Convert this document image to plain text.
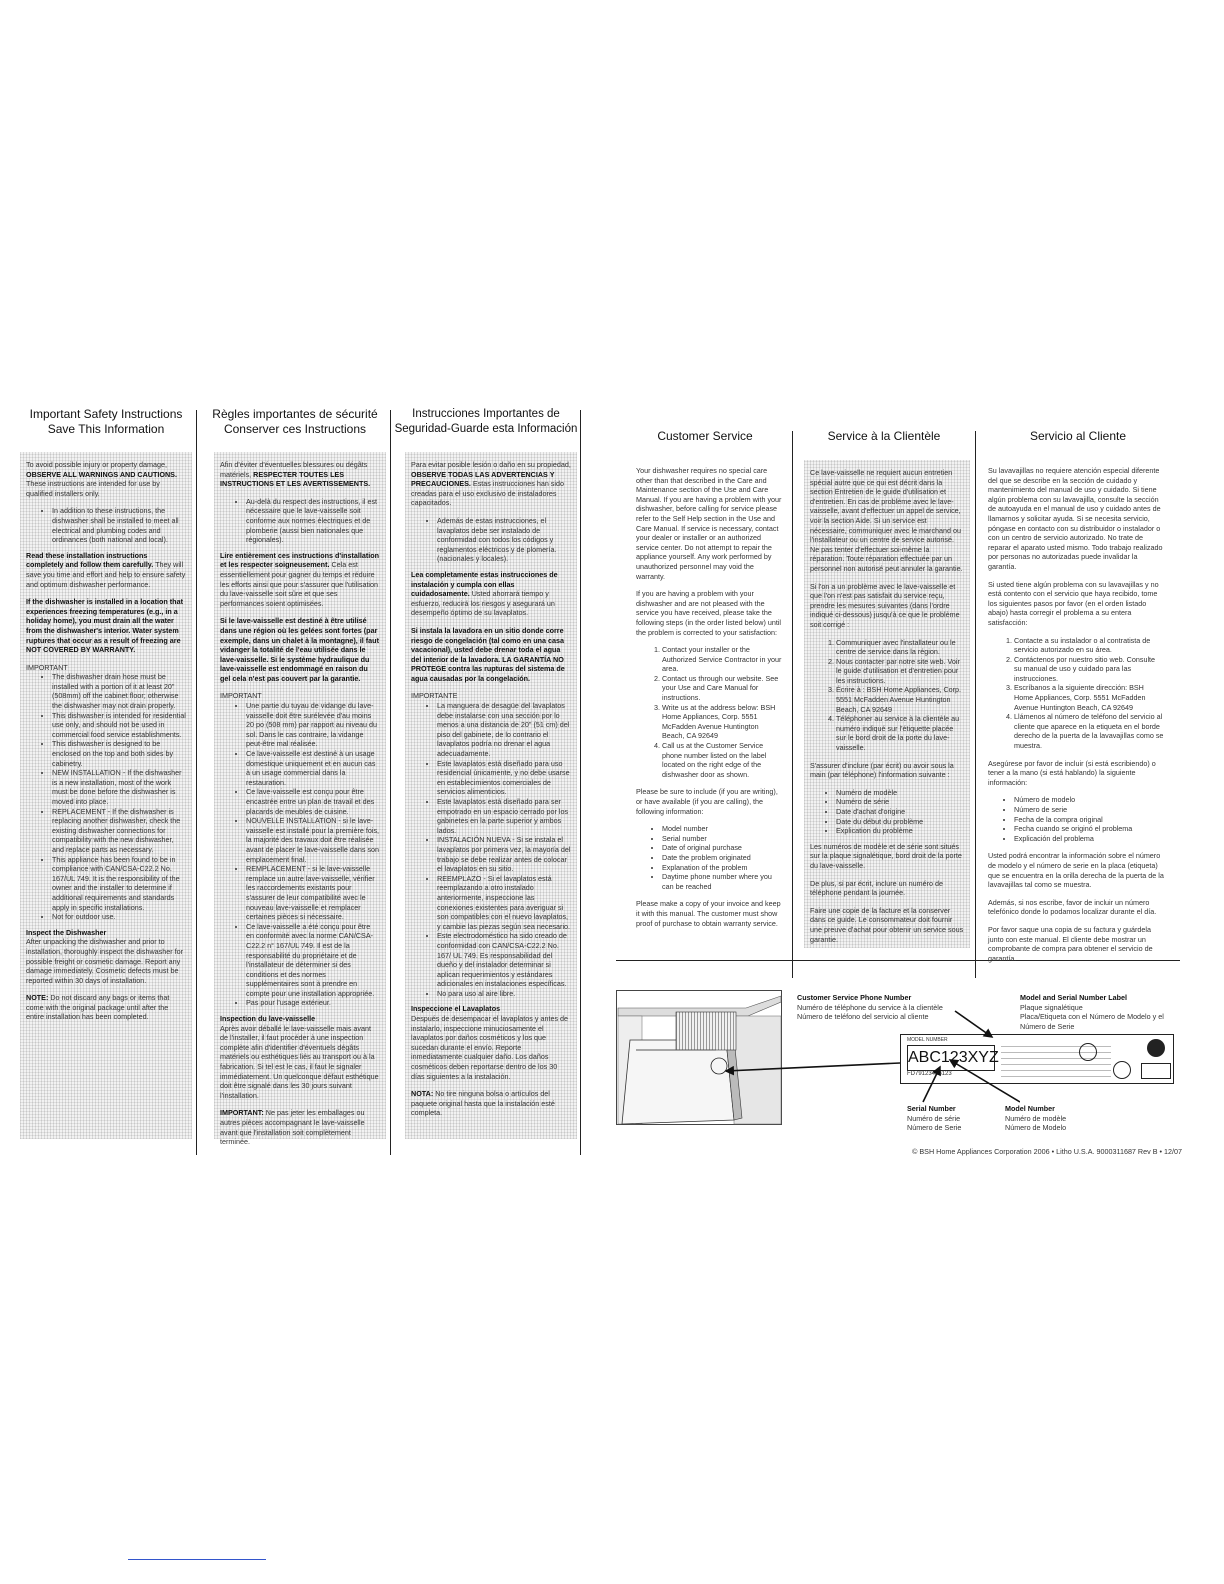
Important Safety Instructions
Save This Information
Règles importantes de sécurité
Conserver ces Instructions
Instrucciones Importantes de
Seguridad-Guarde esta Información

To avoid possible injury or property damage, OBSERVE ALL WARNINGS AND CAUTIONS. These instructions are intended for use by qualified installers only.

• In addition to these instructions, the dishwasher shall be installed to meet all electrical and plumbing codes and ordinances (both national and local).

Read these installation instructions completely and follow them carefully. They will save you time and effort and help to ensure safety and optimum dishwasher performance.

If the dishwasher is installed in a location that experiences freezing temperatures (e.g., in a holiday home), you must drain all the water from the dishwasher's interior. Water system ruptures that occur as a result of freezing are NOT COVERED BY WARRANTY.

IMPORTANT
• The dishwasher drain hose must be installed with a portion of it at least 20" (508mm) off the cabinet floor; otherwise the dishwasher may not drain properly.
• This dishwasher is intended for residential use only, and should not be used in commercial food service establishments.
• This dishwasher is designed to be enclosed on the top and both sides by cabinetry.
• NEW INSTALLATION - If the dishwasher is a new installation, most of the work must be done before the dishwasher is moved into place.
• REPLACEMENT - If the dishwasher is replacing another dishwasher, check the existing dishwasher connections for compatibility with the new dishwasher, and replace parts as necessary.
• This appliance has been found to be in compliance with CAN/CSA-C22.2 No. 167/UL 749. It is the responsibility of the owner and the installer to determine if additional requirements and standards apply in specific installations.
• Not for outdoor use.
Inspect the Dishwasher

After unpacking the dishwasher and prior to installation, thoroughly inspect the dishwasher for possible freight or cosmetic damage. Report any damage immediately. Cosmetic defects must be reported within 30 days of installation.

NOTE: Do not discard any bags or items that come with the original package until after the entire installation has been completed.

Afin d'éviter d'éventuelles blessures ou dégâts matériels, RESPECTER TOUTES LES INSTRUCTIONS ET LES AVERTISSEMENTS.

• Au-delà du respect des instructions, il est nécessaire que le lave-vaisselle soit conforme aux normes électriques et de plomberie (aussi bien nationales que régionales).

Lire entièrement ces instructions d'installation et les respecter soigneusement. Cela est essentiellement pour gagner du temps et réduire les efforts ainsi que pour s'assurer que l'utilisation du lave-vaisselle soit sûre et que ses performances soient optimisées.

Si le lave-vaisselle est destiné à être utilisé dans une région où les gelées sont fortes (par exemple, dans un chalet à la montagne), il faut vidanger la totalité de l'eau utilisée dans le lave-vaisselle. Si le système hydraulique du lave-vaisselle est endommagé en raison du gel cela n'est pas couvert par la garantie.

IMPORTANT
• Une partie du tuyau de vidange du lave-vaisselle doit être surélevée d'au moins 20 po (508 mm) par rapport au niveau du sol. Dans le cas contraire, la vidange peut-être mal réalisée.
• Ce lave-vaisselle est destiné à un usage domestique uniquement et en aucun cas à un usage commercial dans la restauration.
• Ce lave-vaisselle est conçu pour être encastrée entre un plan de travail et des placards de meubles de cuisine.
• NOUVELLE INSTALLATION - si le lave-vaisselle est installé pour la première fois, la majorité des travaux doit être réalisée avant de placer le lave-vaisselle dans son emplacement final.
• REMPLACEMENT - si le lave-vaisselle remplace un autre lave-vaisselle, vérifier les raccordements existants pour s'assurer de leur compatibilité avec le nouveau lave-vaisselle et remplacer certaines pièces si nécessaire.
• Ce lave-vaisselle a été conçu pour être en conformité avec la norme CAN/CSA-C22.2 n° 167/UL 749. Il est de la responsabilité du propriétaire et de l'installateur de déterminer si des conditions et des normes supplémentaires sont à prendre en compte pour une installation appropriée.
• Pas pour l'usage extérieur.
Inspection du lave-vaisselle

Après avoir déballé le lave-vaisselle mais avant de l'installer, il faut procéder à une inspection complète afin d'identifier d'éventuels dégâts matériels ou esthétiques liés au transport ou à la fabrication. Si tel est le cas, il faut le signaler immédiatement. Un quelconque défaut esthétique doit être signalé dans les 30 jours suivant l'installation.

IMPORTANT: Ne pas jeter les emballages ou autres pièces accompagnant le lave-vaisselle avant que l'installation soit complètement terminée.

Para evitar posible lesión o daño en su propiedad, OBSERVE TODAS LAS ADVERTENCIAS Y PRECAUCIONES. Estas instrucciones han sido creadas para el uso exclusivo de instaladores capacitados.

• Además de estas instrucciones, el lavaplatos debe ser instalado de conformidad con todos los códigos y reglamentos eléctricos y de plomería. (nacionales y locales).

Lea completamente estas instrucciones de instalación y cumpla con ellas cuidadosamente. Usted ahorrará tiempo y esfuerzo, reducirá los riesgos y asegurará un desempeño óptimo de su lavaplatos.

Si instala la lavadora en un sitio donde corre riesgo de congelación (tal como en una casa vacacional), usted debe drenar toda el agua del interior de la lavadora. LA GARANTÍA NO PROTEGE contra las rupturas del sistema de agua causadas por la congelación.

IMPORTANTE
• La manguera de desagüe del lavaplatos debe instalarse con una sección por lo menos a una distancia de 20" (51 cm) del piso del gabinete, de lo contrario el lavaplatos podría no drenar el agua adecuadamente.
• Este lavaplatos está diseñado para uso residencial únicamente, y no debe usarse en establecimientos comerciales de servicios alimenticios.
• Este lavaplatos está diseñado para ser empotrado en un espacio cerrado por los gabinetes en la parte superior y ambos lados.
• INSTALACIÓN NUEVA - Si se instala el lavaplatos por primera vez, la mayoría del trabajo se debe realizar antes de colocar el lavaplatos en su sitio.
• REEMPLAZO - Si el lavaplatos está reemplazando a otro instalado anteriormente, inspeccione las conexiones existentes para averiguar si son compatibles con el nuevo lavaplatos, y cambie las piezas según sea necesario.
• Este electrodoméstico ha sido creado de conformidad con CAN/CSA-C22.2 No. 167/ UL 749. Es responsabilidad del dueño y del instalador determinar si aplican requerimientos y estándares adicionales en instalaciones específicas.
• No para uso al aire libre.
Inspeccione el Lavaplatos

Después de desempacar el lavaplatos y antes de instalarlo, inspeccione minuciosamente el lavaplatos por daños cosméticos y los que sucedan durante el envío. Reporte inmediatamente cualquier daño. Los daños cosméticos deben reportarse dentro de los 30 días siguientes a la instalación.

NOTA: No tire ninguna bolsa o artículos del paquete original hasta que la instalación esté completa.

Customer Service	Service à la Clientèle	Servicio al Cliente

Your dishwasher requires no special care other than that described in the Care and Maintenance section of the Use and Care Manual. If you are having a problem with your dishwasher, before calling for service please refer to the Self Help section in the Use and Care Manual. If service is necessary, contact your dealer or installer or an authorized service center. Do not attempt to repair the appliance yourself. Any work performed by unauthorized personnel may void the warranty.

If you are having a problem with your dishwasher and are not pleased with the service you have received, please take the following steps (in the order listed below) until the problem is corrected to your satisfaction:

1. Contact your installer or the Authorized Service Contractor in your area.
2. Contact us through our website. See your Use and Care Manual for instructions.
3. Write us at the address below: BSH Home Appliances, Corp. 5551 McFadden Avenue Huntington Beach, CA 92649
4. Call us at the Customer Service phone number listed on the label located on the right edge of the dishwasher door as shown.

Please be sure to include (if you are writing), or have available (if you are calling), the following information:

• Model number
• Serial number
• Date of original purchase
• Date the problem originated
• Explanation of the problem
• Daytime phone number where you can be reached

Please make a copy of your invoice and keep it with this manual. The customer must show proof of purchase to obtain warranty service.

Ce lave-vaisselle ne requiert aucun entretien spécial autre que ce qui est décrit dans la section Entretien de le guide d'utilisation et d'entretien. En cas de problème avec le lave-vaisselle, avant d'effectuer un appel de service, voir la section Aide. Si un service est nécessaire, communiquer avec le marchand ou l'installateur ou un centre de service autorisé. Ne pas tenter d'effectuer soi-même la réparation. Toute réparation effectuée par un personnel non autorisé peut annuler la garantie.

Si l'on a un problème avec le lave-vaisselle et que l'on n'est pas satisfait du service reçu, prendre les mesures suivantes (dans l'ordre indiqué ci-dessous) jusqu'à ce que le problème soit corrigé :

1. Communiquer avec l'installateur ou le centre de service dans la région.
2. Nous contacter par notre site web. Voir le guide d'utilisation et d'entretien pour les instructions.
3. Écrire à : BSH Home Appliances, Corp. 5551 McFadden Avenue Huntington Beach, CA 92649
4. Téléphoner au service à la clientèle au numéro indiqué sur l'étiquette placée sur le bord droit de la porte du lave-vaisselle.

S'assurer d'inclure (par écrit) ou avoir sous la main (par téléphone) l'information suivante :

• Numéro de modèle
• Numéro de série
• Date d'achat d'origine
• Date du début du problème
• Explication du problème

Les numéros de modèle et de série sont situés sur la plaque signalétique, bord droit de la porte du lave-vaisselle.

De plus, si par écrit, inclure un numéro de téléphone pendant la journée.

Faire une copie de la facture et la conserver dans ce guide. Le consommateur doit fournir une preuve d'achat pour obtenir un service sous garantie.

Su lavavajillas no requiere atención especial diferente del que se describe en la sección de cuidado y mantenimiento del manual de uso y cuidado. Si tiene algún problema con su lavavajilla, consulte la sección de autoayuda en el manual de uso y cuidado antes de llamarnos y solicitar ayuda. Si se necesita servicio, póngase en contacto con su distribuidor o instalador o con un centro de servicio autorizado. No trate de reparar el aparato usted mismo. Todo trabajo realizado por personas no autorizadas puede invalidar la garantía.

Si usted tiene algún problema con su lavavajillas y no está contento con el servicio que haya recibido, tome los siguientes pasos por favor (en el orden listado abajo) hasta corregir el problema a su entera satisfacción:

1. Contacte a su instalador o al contratista de servicio autorizado en su área.
2. Contáctenos por nuestro sitio web. Consulte su manual de uso y cuidado para las instrucciones.
3. Escríbanos a la siguiente dirección: BSH Home Appliances, Corp. 5551 McFadden Avenue Huntington Beach, CA 92649
4. Llámenos al número de teléfono del servicio al cliente que aparece en la etiqueta en el borde derecho de la puerta de la lavavajillas como se muestra.

Asegúrese por favor de incluir (si está escribiendo) o tener a la mano (si está hablando) la siguiente información:

• Número de modelo
• Número de serie
• Fecha de la compra original
• Fecha cuando se originó el problema
• Explicación del problema

Usted podrá encontrar la información sobre el número de modelo y el número de serie en la placa (etiqueta) que se encuentra en la orilla derecha de la puerta de la lavavajillas tal como se muestra.

Además, si nos escribe, favor de incluir un número telefónico donde lo podamos localizar durante el día.

Por favor saque una copia de su factura y guárdela junto con este manual. El cliente debe mostrar un comprobante de compra para obtener el servicio de garantía.

Customer Service Phone Number
Numéro de téléphone du service à la clientèle
Número de teléfono del servicio al cliente
Model and Serial Number Label
Plaque signalétique
Placa/Etiqueta con el Número de Modelo y el Número de Serie
MODEL NUMBER
ABC123XYZ
FD79123456123
Serial Number
Numéro de série
Número de Serie
Model Number
Numéro de modèle
Número de Modelo
© BSH Home Appliances Corporation 2006 • Litho U.S.A. 9000311687 Rev B • 12/07
